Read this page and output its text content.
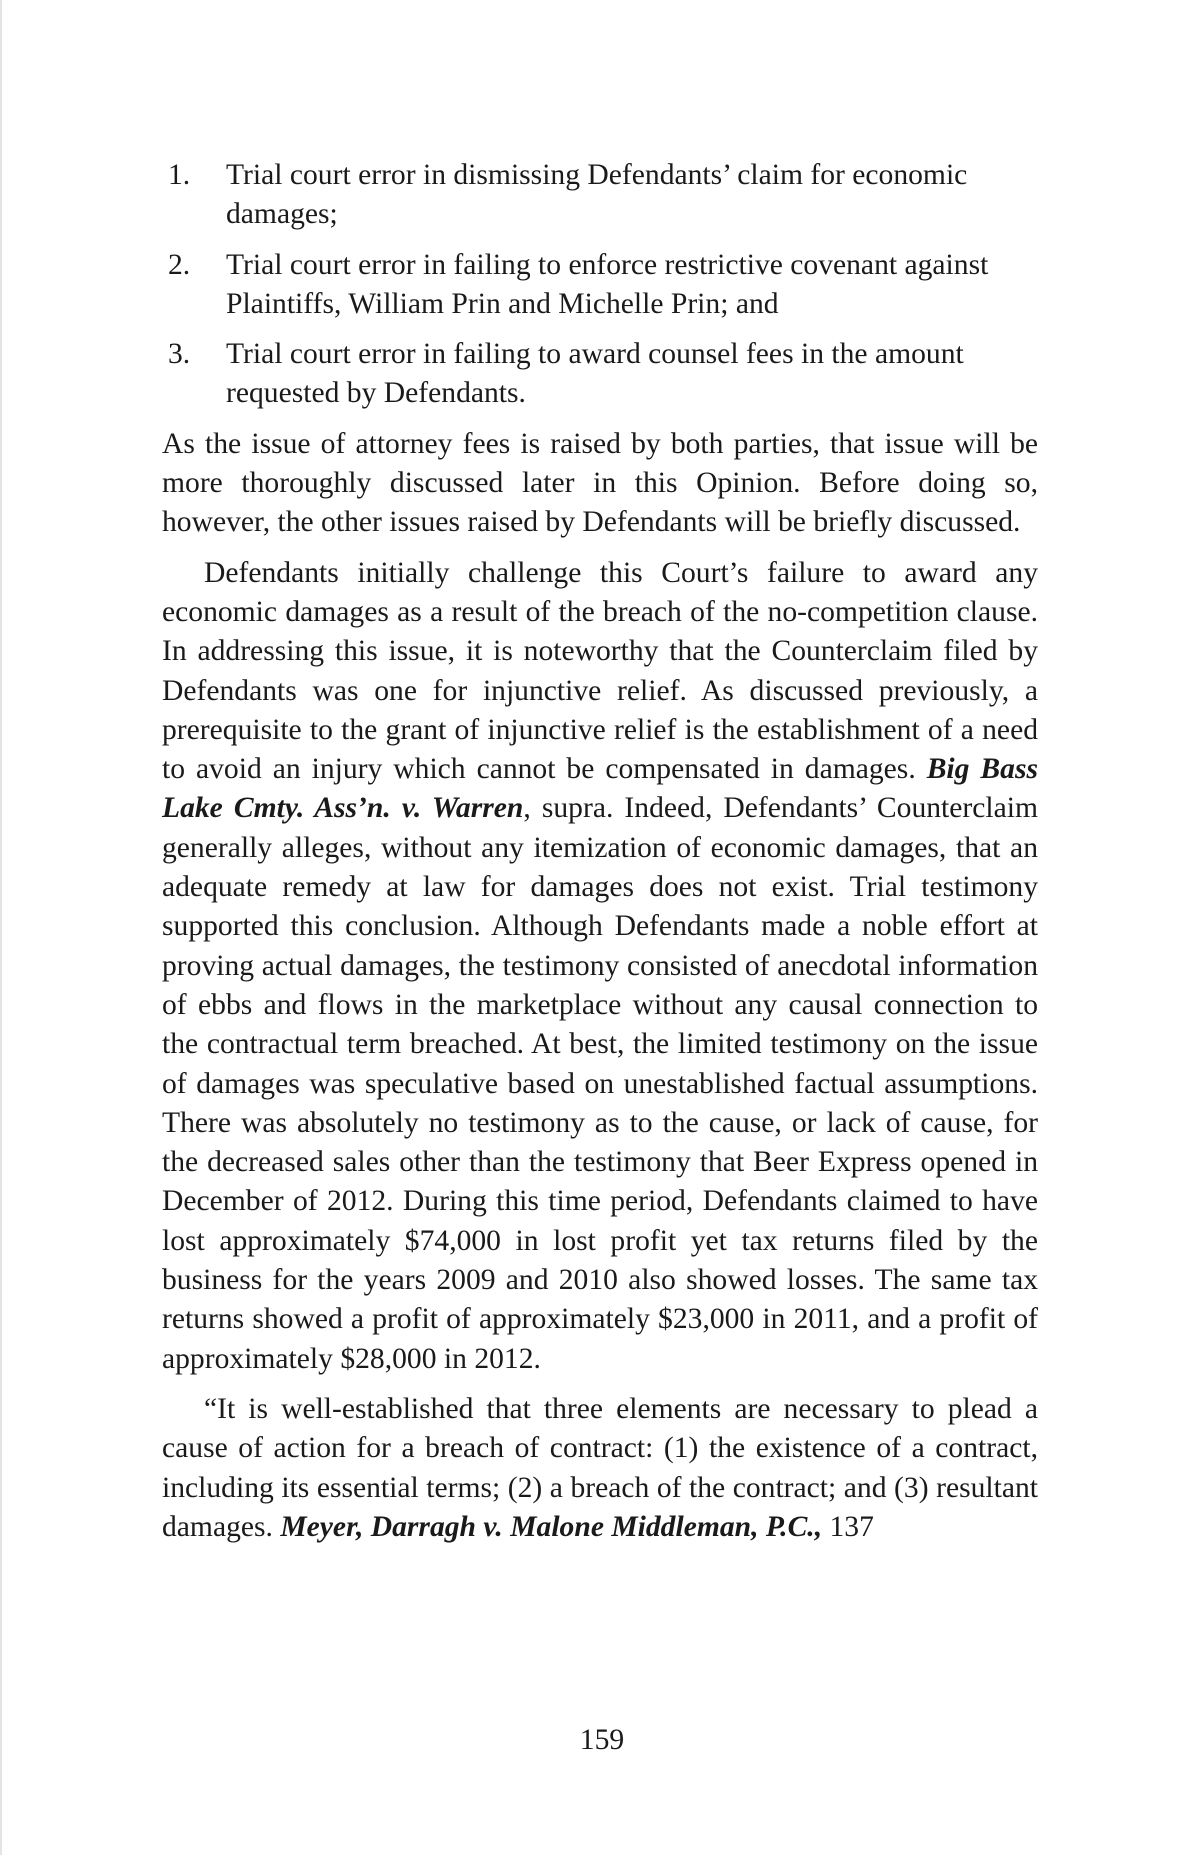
1. Trial court error in dismissing Defendants’ claim for economic damages;
2. Trial court error in failing to enforce restrictive covenant against Plaintiffs, William Prin and Michelle Prin; and
3. Trial court error in failing to award counsel fees in the amount requested by Defendants.

As the issue of attorney fees is raised by both parties, that issue will be more thoroughly discussed later in this Opinion. Before doing so, however, the other issues raised by Defendants will be briefly discussed.

Defendants initially challenge this Court’s failure to award any economic damages as a result of the breach of the no-competition clause. In addressing this issue, it is noteworthy that the Counterclaim filed by Defendants was one for injunctive relief. As discussed previously, a prerequisite to the grant of injunctive relief is the establishment of a need to avoid an injury which cannot be compensated in damages. Big Bass Lake Cmty. Ass’n. v. Warren, supra. Indeed, Defendants’ Counterclaim generally alleges, without any itemization of economic damages, that an adequate remedy at law for damages does not exist. Trial testimony supported this conclusion. Although Defendants made a noble effort at proving actual damages, the testimony consisted of anecdotal information of ebbs and flows in the marketplace without any causal connection to the contractual term breached. At best, the limited testimony on the issue of damages was speculative based on unestablished factual assumptions. There was absolutely no testimony as to the cause, or lack of cause, for the decreased sales other than the testimony that Beer Express opened in December of 2012. During this time period, Defendants claimed to have lost approximately $74,000 in lost profit yet tax returns filed by the business for the years 2009 and 2010 also showed losses. The same tax returns showed a profit of approximately $23,000 in 2011, and a profit of approximately $28,000 in 2012.

“It is well-established that three elements are necessary to plead a cause of action for a breach of contract: (1) the existence of a contract, including its essential terms; (2) a breach of the contract; and (3) resultant damages. Meyer, Darragh v. Malone Middleman, P.C., 137

159
